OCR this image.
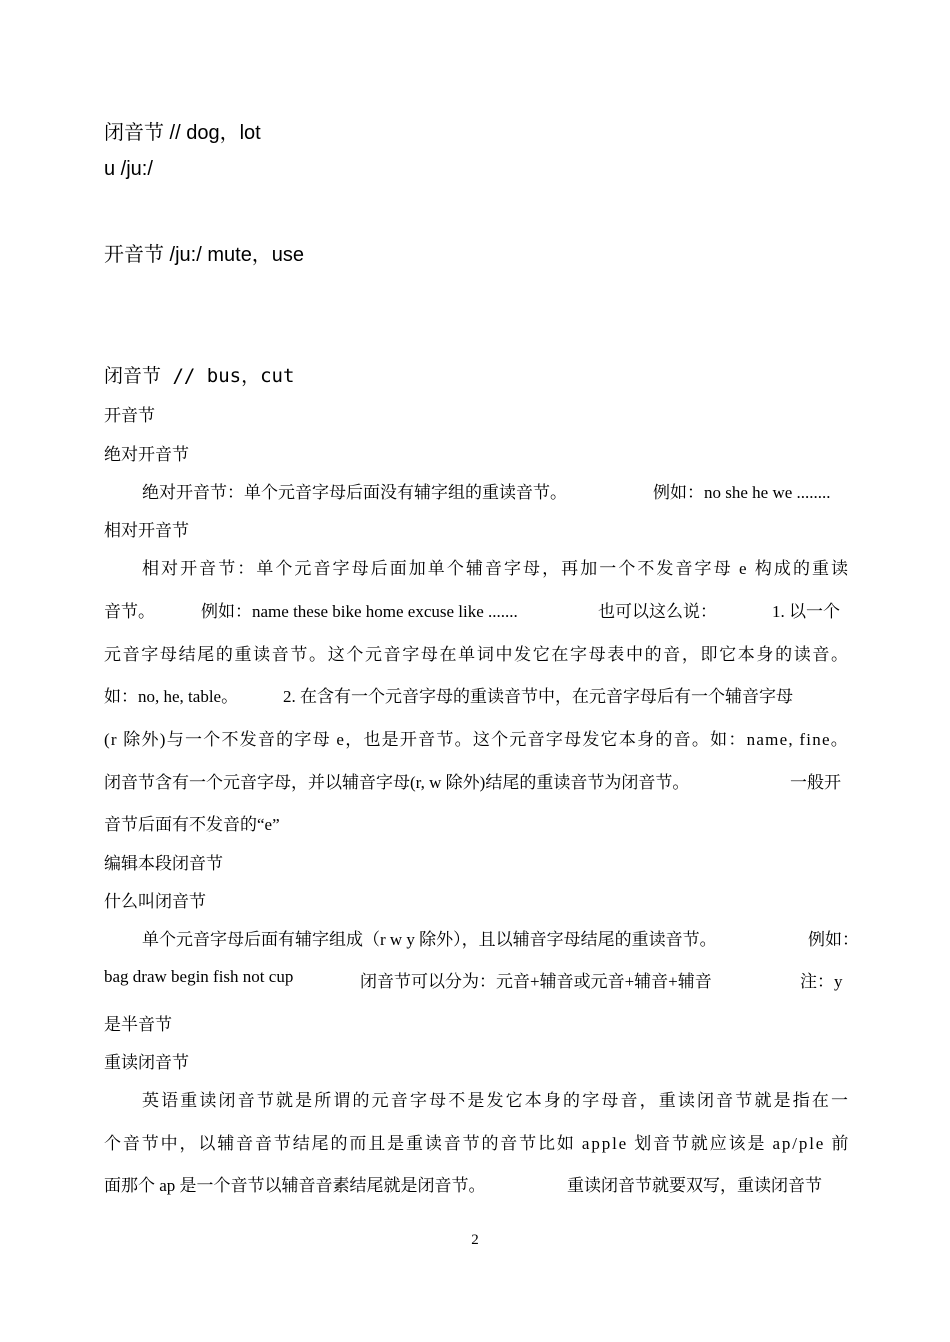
闭音节 // dog，lot
u /ju:/
开音节 /ju:/ mute，use
闭音节 // bus，cut
开音节
绝对开音节
绝对开音节：单个元音字母后面没有辅字组的重读音节。	例如：no she he we ........
相对开音节
相对开音节：单个元音字母后面加单个辅音字母，再加一个不发音字母 e 构成的重读
音节。	例如：name these bike home excuse like .......	也可以这么说：	1. 以一个
元音字母结尾的重读音节。这个元音字母在单词中发它在字母表中的音，即它本身的读音。
如：no, he, table。	2. 在含有一个元音字母的重读音节中，在元音字母后有一个辅音字母
(r 除外)与一个不发音的字母 e，也是开音节。这个元音字母发它本身的音。如：name, fine。
闭音节含有一个元音字母，并以辅音字母(r, w 除外)结尾的重读音节为闭音节。	一般开
音节后面有不发音的“e”
编辑本段闭音节
什么叫闭音节
单个元音字母后面有辅字组成（r w y 除外），且以辅音字母结尾的重读音节。	例如：
bag draw begin fish not cup	闭音节可以分为：元音+辅音或元音+辅音+辅音	注：y
是半音节
重读闭音节
英语重读闭音节就是所谓的元音字母不是发它本身的字母音，重读闭音节就是指在一
个音节中，以辅音音节结尾的而且是重读音节的音节比如 apple 划音节就应该是 ap/ple 前
面那个 ap 是一个音节以辅音音素结尾就是闭音节。	重读闭音节就要双写，重读闭音节
2
